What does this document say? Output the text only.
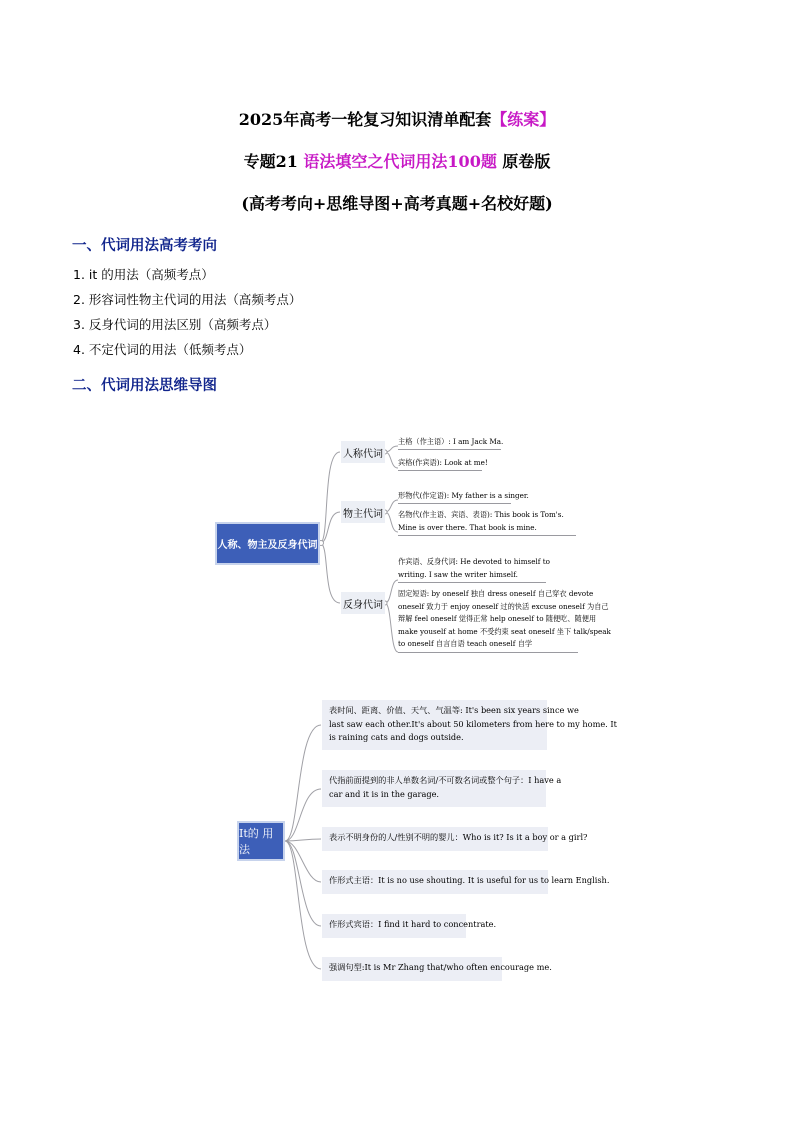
2025年高考一轮复习知识清单配套【练案】
专题21 语法填空之代词用法100题 原卷版
(高考考向+思维导图+高考真题+名校好题)
一、代词用法高考考向
1. it 的用法（高频考点）
2. 形容词性物主代词的用法（高频考点）
3. 反身代词的用法区别（高频考点）
4. 不定代词的用法（低频考点）
二、代词用法思维导图
人称、物主及反身代词
人称代词
物主代词
反身代词
主格（作主语）: I am Jack Ma.
宾格(作宾语): Look at me!
形物代(作定语): My father is a singer.
名物代(作主语、宾语、表语): This book is Tom's.
Mine is over there. That book is mine.
作宾语、反身代词: He devoted to himself to
writing. I saw the writer himself.
固定短语: by oneself 独自 dress oneself 自己穿衣 devote
oneself 致力于 enjoy oneself 过的快活 excuse oneself 为自己
辩解 feel oneself 觉得正常 help oneself to 随便吃、随便用
make youself at home 不受约束 seat oneself 坐下 talk/speak
to oneself 自言自语 teach oneself 自学
It的 用法
表时间、距离、价值、天气、气温等: It's been six years since we
last saw each other.It's about 50 kilometers from here to my home. It
is raining cats and dogs outside.
代指前面提到的非人单数名词/不可数名词或整个句子：I have a
car and it is in the garage.
表示不明身份的人/性别不明的婴儿：Who is it? Is it a boy or a girl?
作形式主语：It is no use shouting. It is useful for us to learn English.
作形式宾语：I find it hard to concentrate.
强调句型:It is Mr Zhang that/who often encourage me.
